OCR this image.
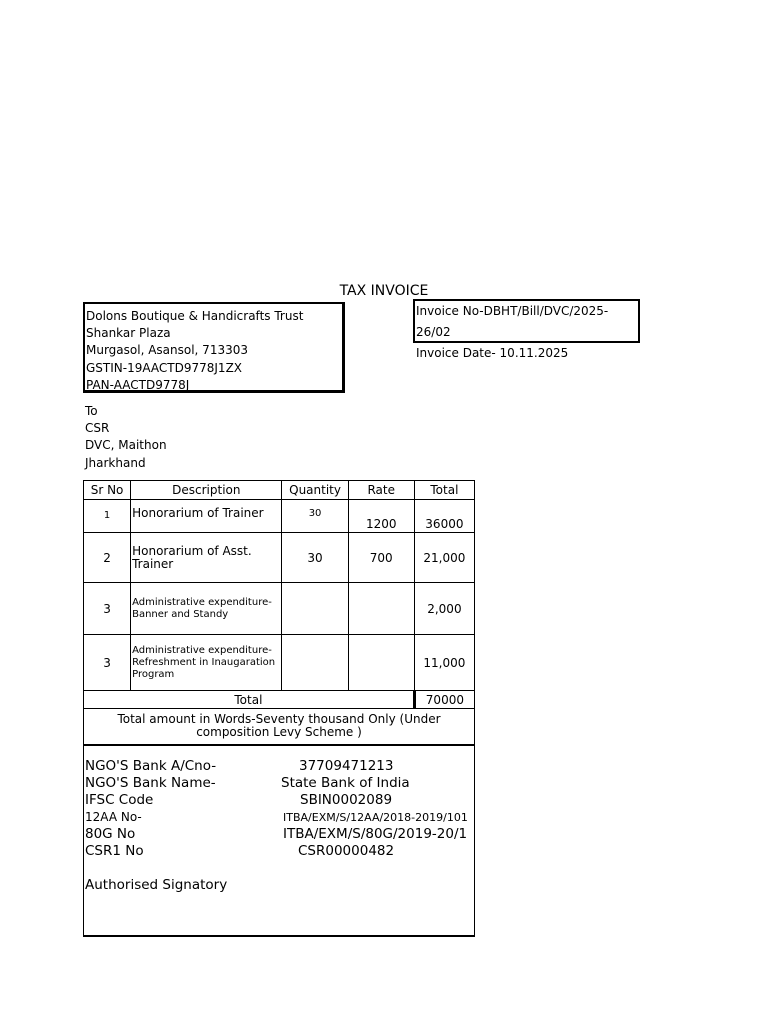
TAX INVOICE
Dolons Boutique & Handicrafts Trust
Shankar Plaza
Murgasol, Asansol, 713303
GSTIN-19AACTD9778J1ZX
PAN-AACTD9778J
Invoice No-DBHT/Bill/DVC/2025-26/02
Invoice Date- 10.11.2025
To
CSR
DVC, Maithon
Jharkhand
Sr No	Description	Quantity	Rate	Total
1	Honorarium of Trainer	30	1200	36000
2	Honorarium of Asst. Trainer	30	700	21,000
3	Administrative expenditure-Banner and Standy			2,000
3	Administrative expenditure-Refreshment in Inaugaration Program			11,000
Total				70000
Total amount in Words-Seventy thousand Only (Under composition Levy Scheme )
NGO'S Bank A/Cno-	37709471213
NGO'S Bank Name-	State Bank of India
IFSC Code	SBIN0002089
12AA No-	ITBA/EXM/S/12AA/2018-2019/101
80G No	ITBA/EXM/S/80G/2019-20/1
CSR1 No	CSR00000482
Authorised Signatory
